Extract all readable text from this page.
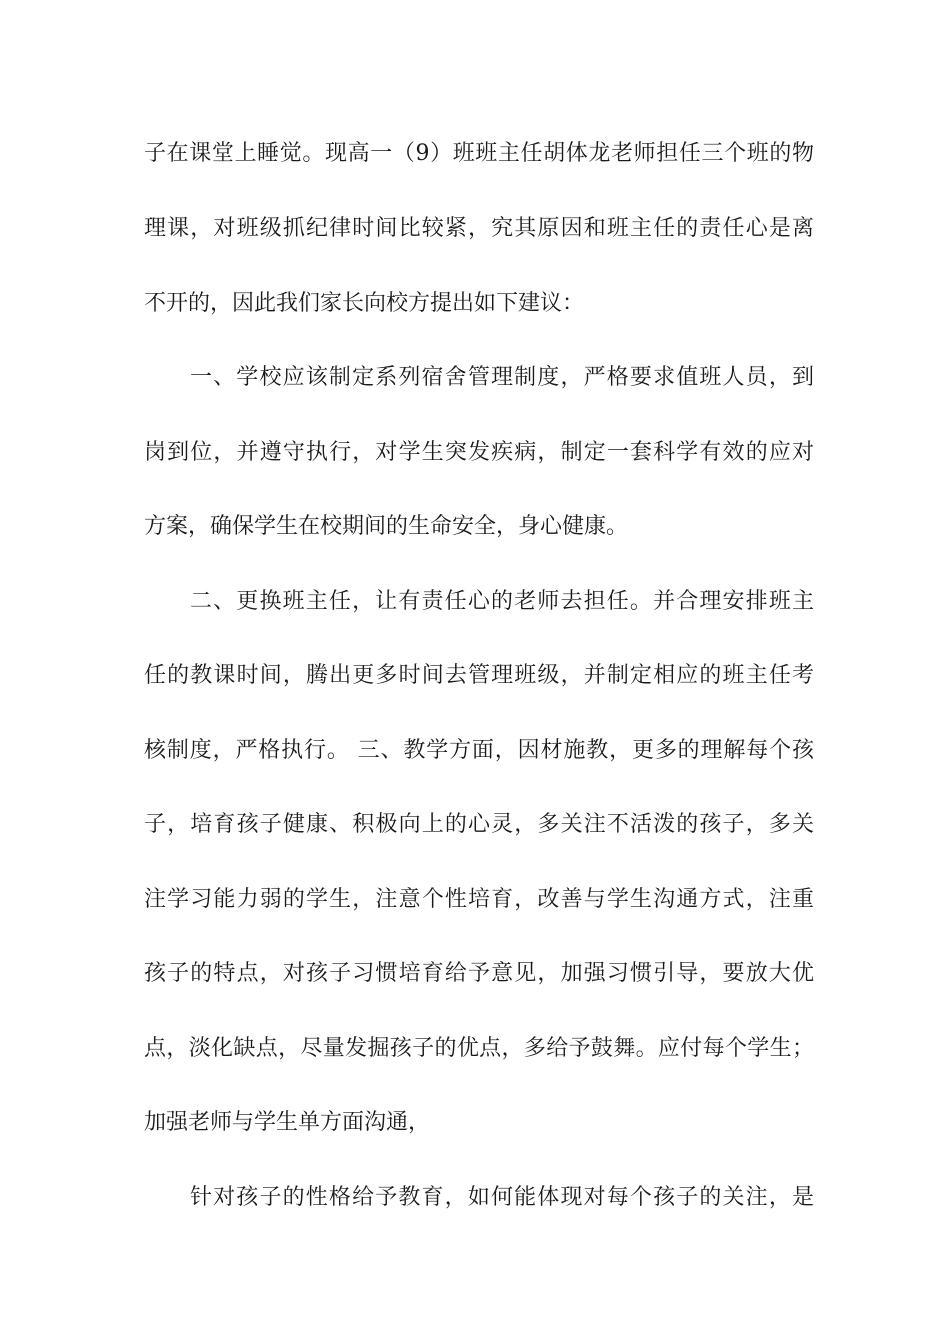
子在课堂上睡觉。现高一（9）班班主任胡体龙老师担任三个班的物
理课，对班级抓纪律时间比较紧，究其原因和班主任的责任心是离
不开的，因此我们家长向校方提出如下建议：
一、学校应该制定系列宿舍管理制度，严格要求值班人员，到
岗到位，并遵守执行，对学生突发疾病，制定一套科学有效的应对
方案，确保学生在校期间的生命安全，身心健康。
二、更换班主任，让有责任心的老师去担任。并合理安排班主
任的教课时间，腾出更多时间去管理班级，并制定相应的班主任考
核制度，严格执行。 三、教学方面，因材施教，更多的理解每个孩
子，培育孩子健康、积极向上的心灵，多关注不活泼的孩子，多关
注学习能力弱的学生，注意个性培育，改善与学生沟通方式，注重
孩子的特点，对孩子习惯培育给予意见，加强习惯引导，要放大优
点，淡化缺点，尽量发掘孩子的优点，多给予鼓舞。应付每个学生；
加强老师与学生单方面沟通，
针对孩子的性格给予教育，如何能体现对每个孩子的关注，是
